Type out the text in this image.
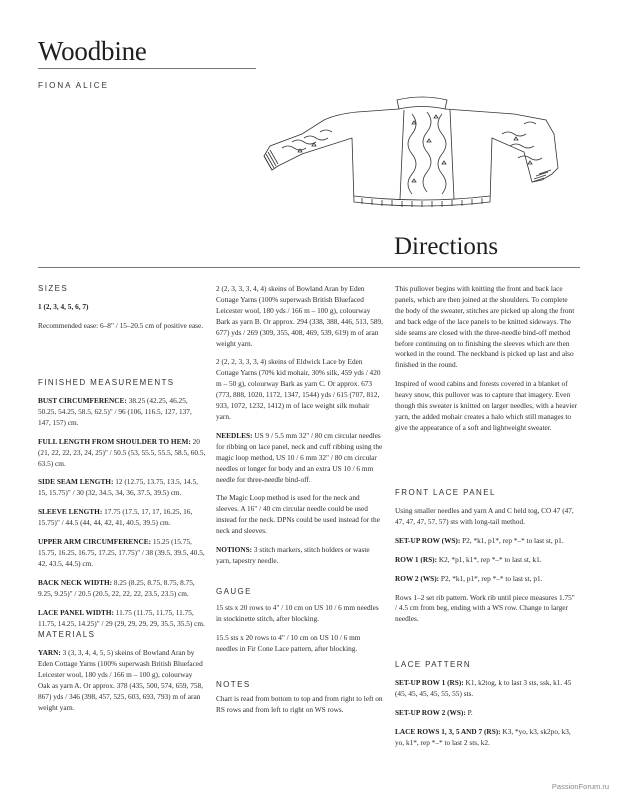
Woodbine
FIONA ALICE
Directions
SIZES

1 (2, 3, 4, 5, 6, 7)

Recommended ease: 6–8" / 15–20.5 cm of positive ease.

FINISHED MEASUREMENTS

BUST CIRCUMFERENCE: 38.25 (42.25, 46.25, 50.25, 54.25, 58.5, 62.5)" / 96 (106, 116.5, 127, 137, 147, 157) cm.

FULL LENGTH FROM SHOULDER TO HEM: 20 (21, 22, 22, 23, 24, 25)" / 50.5 (53, 55.5, 55.5, 58.5, 60.5, 63.5) cm.

SIDE SEAM LENGTH: 12 (12.75, 13.75, 13.5, 14.5, 15, 15.75)" / 30 (32, 34.5, 34, 36, 37.5, 39.5) cm.

SLEEVE LENGTH: 17.75 (17.5, 17, 17, 16.25, 16, 15.75)" / 44.5 (44, 44, 42, 41, 40.5, 39.5) cm.

UPPER ARM CIRCUMFERENCE: 15.25 (15.75, 15.75, 16.25, 16.75, 17.25, 17.75)" / 38 (39.5, 39.5, 40.5, 42, 43.5, 44.5) cm.

BACK NECK WIDTH: 8.25 (8.25, 8.75, 8.75, 8.75, 9.25, 9.25)" / 20.5 (20.5, 22, 22, 22, 23.5, 23.5) cm.

LACE PANEL WIDTH: 11.75 (11.75, 11.75, 11.75, 11.75, 14.25, 14.25)" / 29 (29, 29, 29, 29, 35.5, 35.5) cm.

MATERIALS

YARN: 3 (3, 3, 4, 4, 5, 5) skeins of Bowland Aran by Eden Cottage Yarns (100% superwash British Bluefaced Leicester wool, 180 yds / 166 m – 100 g), colourway Oak as yarn A. Or approx. 378 (435, 500, 574, 659, 758, 867) yds / 346 (398, 457, 525, 603, 693, 793) m of aran weight yarn.

2 (2, 3, 3, 3, 4, 4) skeins of Bowland Aran by Eden Cottage Yarns (100% superwash British Bluefaced Leicester wool, 180 yds / 166 m – 100 g), colourway Bark as yarn B. Or approx. 294 (338, 388, 446, 513, 589, 677) yds / 269 (309, 355, 408, 469, 539, 619) m of aran weight yarn.

2 (2, 2, 3, 3, 3, 4) skeins of Eldwick Lace by Eden Cottage Yarns (70% kid mohair, 30% silk, 459 yds / 420 m – 50 g), colourway Bark as yarn C. Or approx. 673 (773, 888, 1020, 1172, 1347, 1544) yds / 615 (707, 812, 933, 1072, 1232, 1412) m of lace weight silk mohair yarn.

NEEDLES: US 9 / 5.5 mm 32" / 80 cm circular needles for ribbing on lace panel, neck and cuff ribbing using the magic loop method, US 10 / 6 mm 32" / 80 cm circular needles or longer for body and an extra US 10 / 6 mm needle for three-needle bind-off.

The Magic Loop method is used for the neck and sleeves. A 16" / 40 cm circular needle could be used instead for the neck. DPNs could be used instead for the neck and sleeves.

NOTIONS: 3 stitch markers, stitch holders or waste yarn, tapestry needle.

GAUGE

15 sts x 20 rows to 4" / 10 cm on US 10 / 6 mm needles in stockinette stitch, after blocking.

15.5 sts x 20 rows to 4" / 10 cm on US 10 / 6 mm needles in Fir Cone Lace pattern, after blocking.

NOTES

Chart is read from bottom to top and from right to left on RS rows and from left to right on WS rows.

This pullover begins with knitting the front and back lace panels, which are then joined at the shoulders. To complete the body of the sweater, stitches are picked up along the front and back edge of the lace panels to be knitted sideways. The side seams are closed with the three-needle bind-off method before continuing on to finishing the sleeves which are then worked in the round. The neckband is picked up last and also finished in the round.

Inspired of wood cabins and forests covered in a blanket of heavy snow, this pullover was to capture that imagery. Even though this sweater is knitted on larger needles, with a heavier yarn, the added mohair creates a halo which still manages to give the appearance of a soft and lightweight sweater.

FRONT LACE PANEL

Using smaller needles and yarn A and C held tog, CO 47 (47, 47, 47, 47, 57, 57) sts with long-tail method.

SET-UP ROW (WS): P2, *k1, p1*, rep *–* to last st, p1.

ROW 1 (RS): K2, *p1, k1*, rep *–* to last st, k1.

ROW 2 (WS): P2, *k1, p1*, rep *–* to last st, p1.

Rows 1–2 set rib pattern. Work rib until piece measures 1.75" / 4.5 cm from beg, ending with a WS row. Change to larger needles.

LACE PATTERN

SET-UP ROW 1 (RS): K1, k2tog, k to last 3 sts, ssk, k1. 45 (45, 45, 45, 45, 55, 55) sts.

SET-UP ROW 2 (WS): P.

LACE ROWS 1, 3, 5 AND 7 (RS): K3, *yo, k3, sk2po, k3, yo, k1*, rep *–* to last 2 sts, k2.

PassionForum.ru
